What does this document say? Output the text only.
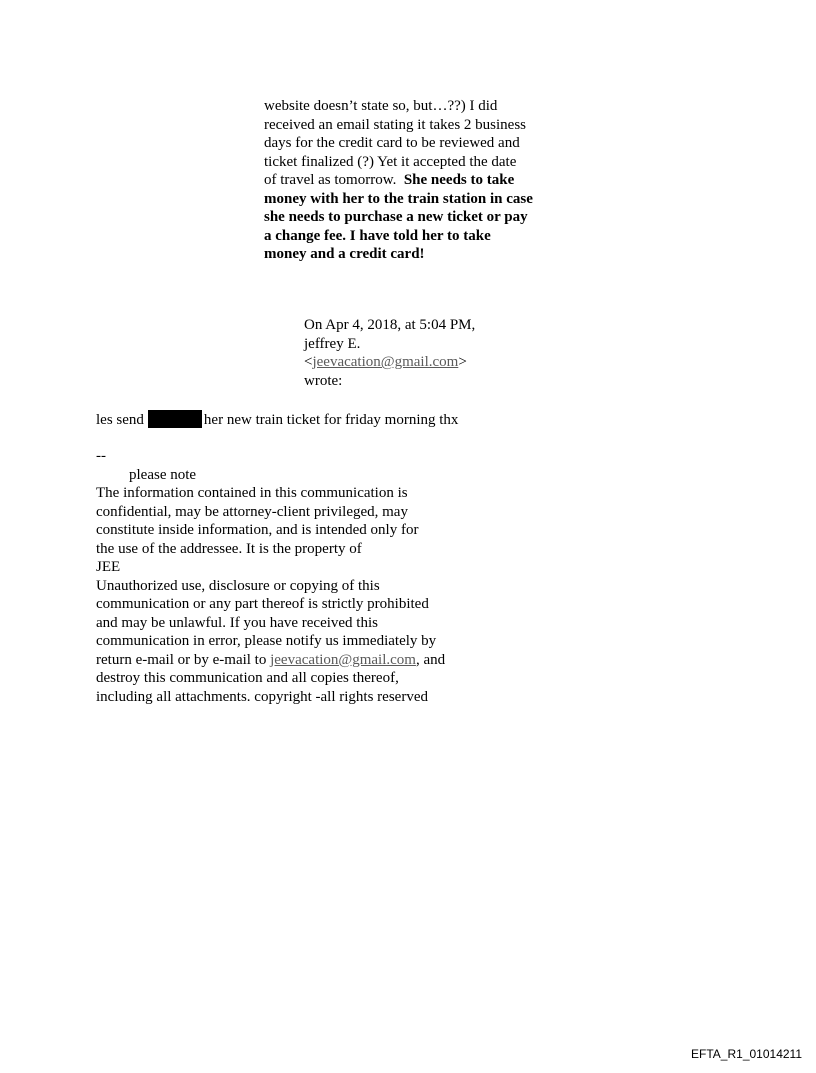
website doesn’t state so, but…??) I did
received an email stating it takes 2 business
days for the credit card to be reviewed and
ticket finalized (?) Yet it accepted the date
of travel as tomorrow.  She needs to take
money with her to the train station in case
she needs to purchase a new ticket or pay
a change fee. I have told her to take
money and a credit card!
On Apr 4, 2018, at 5:04 PM,
jeffrey E.
<jeevacation@gmail.com>
wrote:
les send	her new train ticket for friday morning thx
--
please note
The information contained in this communication is
confidential, may be attorney-client privileged, may
constitute inside information, and is intended only for
the use of the addressee. It is the property of
JEE
Unauthorized use, disclosure or copying of this
communication or any part thereof is strictly prohibited
and may be unlawful. If you have received this
communication in error, please notify us immediately by
return e-mail or by e-mail to jeevacation@gmail.com, and
destroy this communication and all copies thereof,
including all attachments. copyright -all rights reserved
EFTA_R1_01014211
